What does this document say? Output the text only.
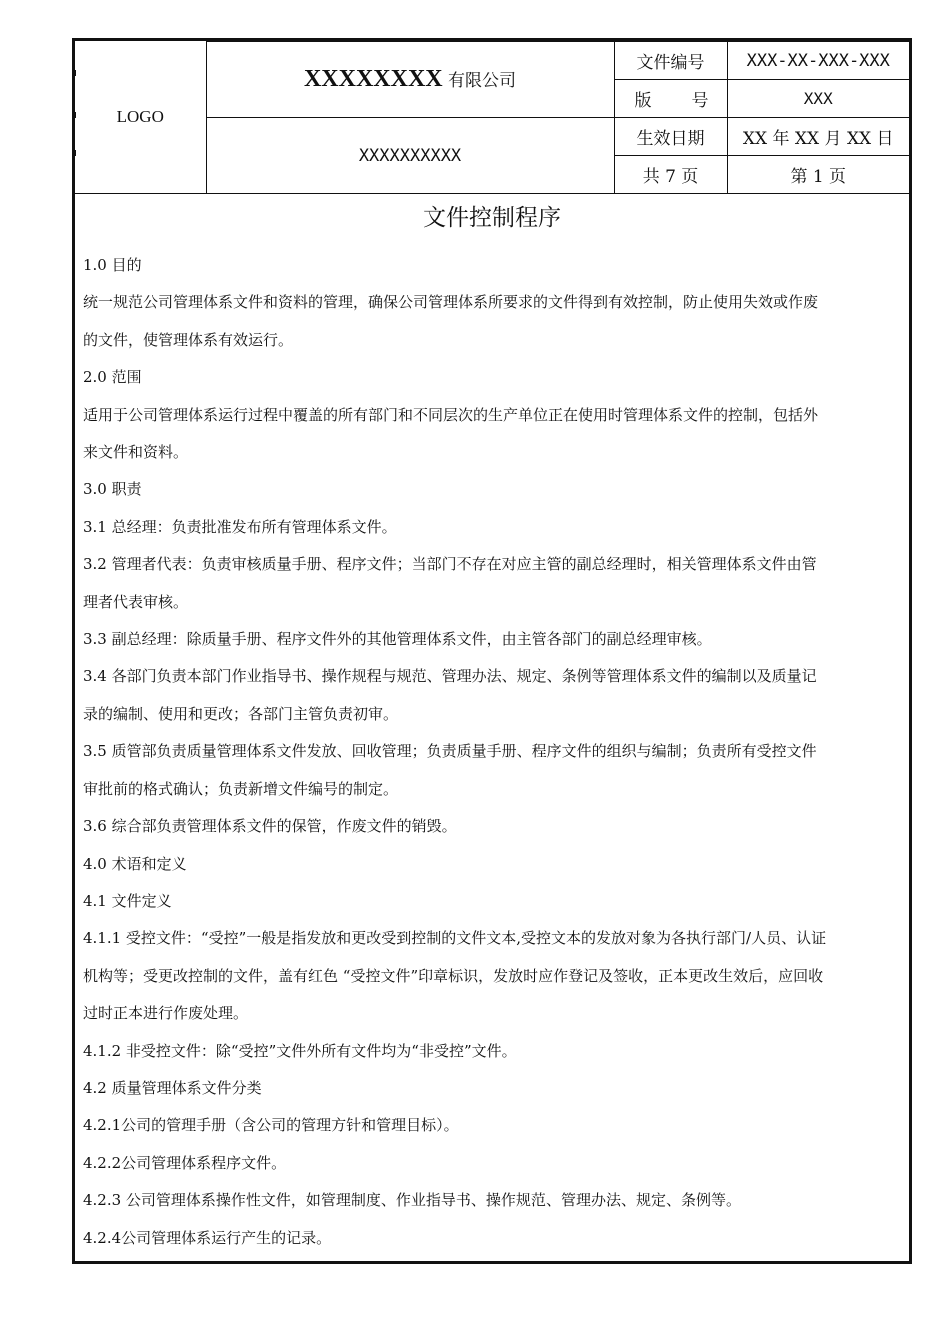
LOGO	XXXXXXXX 有限公司	文件编号	XXX-XX-XXX-XXX

		版 号	XXX
	XXXXXXXXXX	生效日期	XX 年 XX 月 XX 日
		共 7 页	第 1 页
文件控制程序

1.0 目的

统一规范公司管理体系文件和资料的管理，确保公司管理体系所要求的文件得到有效控制，防止使用失效或作废

的文件，使管理体系有效运行。

2.0 范围

适用于公司管理体系运行过程中覆盖的所有部门和不同层次的生产单位正在使用时管理体系文件的控制，包括外

来文件和资料。

3.0 职责

3.1 总经理：负责批准发布所有管理体系文件。

3.2 管理者代表：负责审核质量手册、程序文件；当部门不存在对应主管的副总经理时，相关管理体系文件由管

理者代表审核。

3.3 副总经理：除质量手册、程序文件外的其他管理体系文件，由主管各部门的副总经理审核。

3.4 各部门负责本部门作业指导书、操作规程与规范、管理办法、规定、条例等管理体系文件的编制以及质量记

录的编制、使用和更改；各部门主管负责初审。

3.5 质管部负责质量管理体系文件发放、回收管理；负责质量手册、程序文件的组织与编制；负责所有受控文件

审批前的格式确认；负责新增文件编号的制定。

3.6 综合部负责管理体系文件的保管，作废文件的销毁。

4.0 术语和定义

4.1 文件定义

4.1.1 受控文件：“受控”一般是指发放和更改受到控制的文件文本,受控文本的发放对象为各执行部门/人员、认证

机构等；受更改控制的文件，盖有红色 “受控文件”印章标识，发放时应作登记及签收，正本更改生效后，应回收

过时正本进行作废处理。

4.1.2 非受控文件：除“受控”文件外所有文件均为“非受控”文件。

4.2 质量管理体系文件分类

4.2.1公司的管理手册（含公司的管理方针和管理目标）。

4.2.2公司管理体系程序文件。

4.2.3 公司管理体系操作性文件，如管理制度、作业指导书、操作规范、管理办法、规定、条例等。

4.2.4公司管理体系运行产生的记录。
